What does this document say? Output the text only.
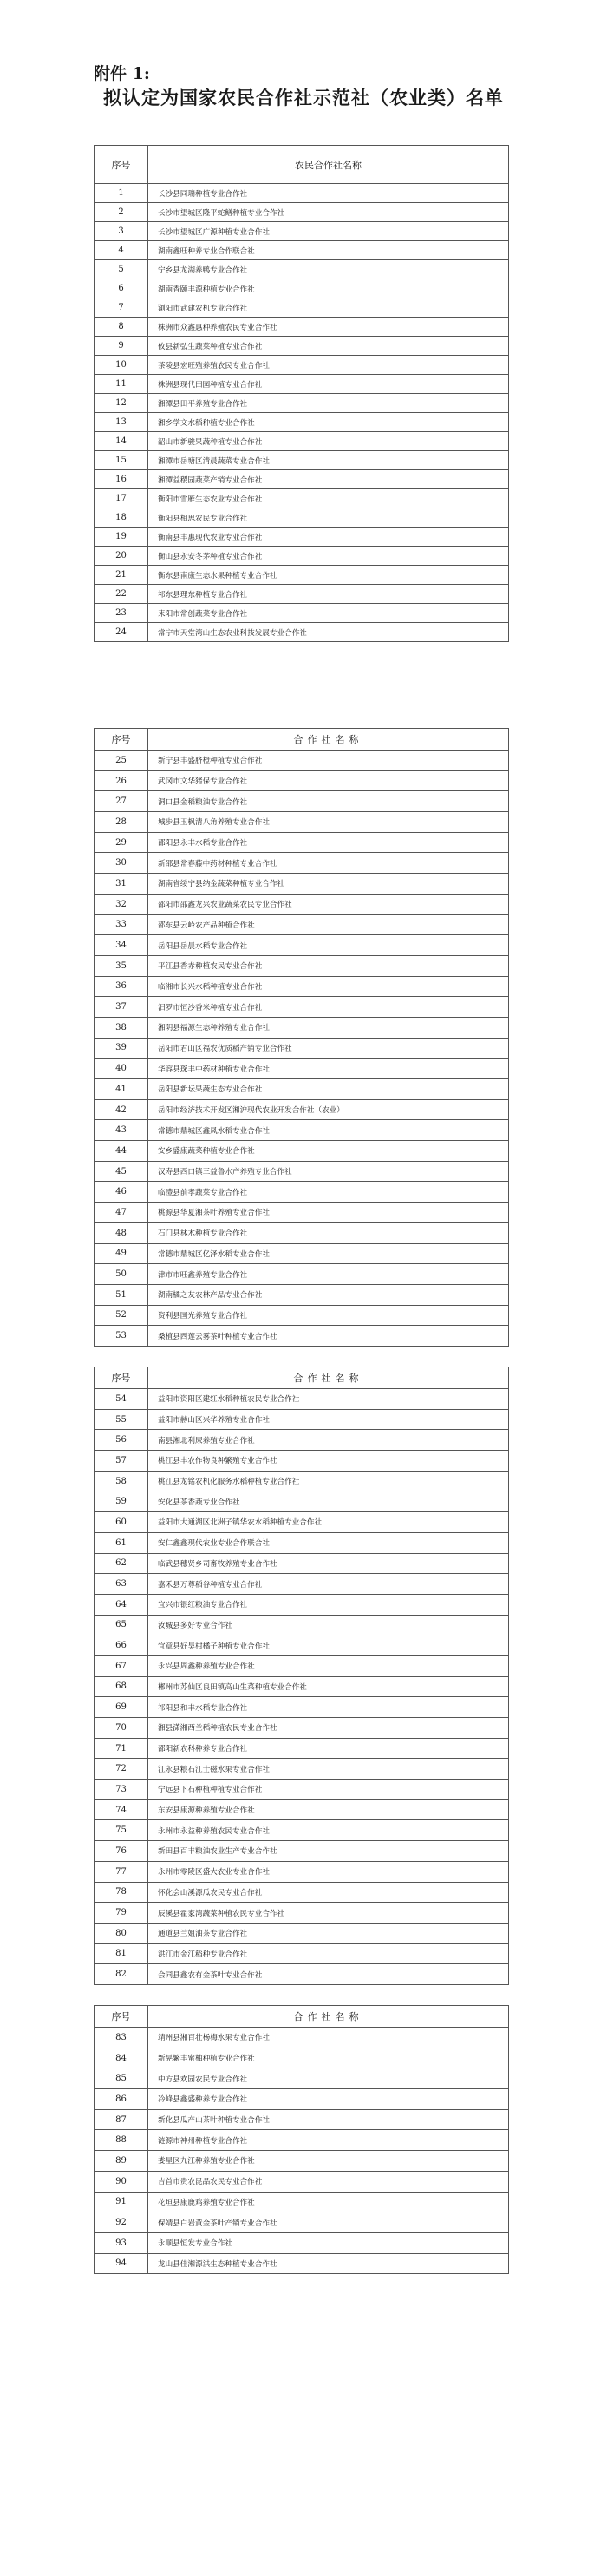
附件 1:

拟认定为国家农民合作社示范社（农业类）名单
序号	农民合作社名称
1	长沙县同瑞种植专业合作社
2	长沙市望城区隆平蛇鳝种植专业合作社
3	长沙市望城区广源种植专业合作社
4	湖南鑫旺种养专业合作联合社
5	宁乡县龙湖养鸭专业合作社
6	湖南香颐丰源种植专业合作社
7	浏阳市武建农机专业合作社
8	株洲市众鑫惠种养殖农民专业合作社
9	攸县新弘生蔬菜种植专业合作社
10	茶陵县宏旺殖养殖农民专业合作社
11	株洲县现代田园种植专业合作社
12	湘潭县田平养殖专业合作社
13	湘乡学文水稻种植专业合作社
14	韶山市新骏果蔬种植专业合作社
15	湘潭市岳塘区清晨蔬菜专业合作社
16	湘潭益稷园蔬菜产销专业合作社
17	衡阳市雪雁生态农业专业合作社
18	衡阳县相思农民专业合作社
19	衡南县丰惠现代农业专业合作社
20	衡山县永安冬茅种植专业合作社
21	衡东县南康生态水果种植专业合作社
22	祁东县理东种植专业合作社
23	耒阳市常创蔬菜专业合作社
24	常宁市天堂湾山生态农业科技发展专业合作社
序号	合作社名称
25	新宁县丰盛脐橙种植专业合作社
26	武冈市文华猪保专业合作社
27	洞口县金稻粮油专业合作社
28	城步县玉枫清八角养殖专业合作社
29	邵阳县永丰水稻专业合作社
30	新邵县常春藤中药材种植专业合作社
31	湖南省绥宁县纳金蔬菜种植专业合作社
32	邵阳市邵鑫龙兴农业蔬菜农民专业合作社
33	邵东县云岭农产品种植合作社
34	岳阳县岳晨水稻专业合作社
35	平江县香赤种植农民专业合作社
36	临湘市长兴水稻种植专业合作社
37	汨罗市恒沙香米种植专业合作社
38	湘阴县福源生态种养殖专业合作社
39	岳阳市君山区福农优质稻产销专业合作社
40	华容县琛丰中药材种植专业合作社
41	岳阳县新坛果蔬生态专业合作社
42	岳阳市经济技术开发区湘沪现代农业开发合作社（农业）
43	常德市鼎城区鑫凤水稻专业合作社
44	安乡盛康蔬菜种植专业合作社
45	汉寿县西口镇三益鲁水产养殖专业合作社
46	临澧县前孝蔬菜专业合作社
47	桃源县华夏湘茶叶养殖专业合作社
48	石门县林木种植专业合作社
49	常德市鼎城区亿泽水稻专业合作社
50	津市市旺鑫养殖专业合作社
51	湖南橘之友农林产品专业合作社
52	资利县国光养殖专业合作社
53	桑植县西莲云雾茶叶种植专业合作社
序号	合作社名称
54	益阳市资阳区建红水稻种植农民专业合作社
55	益阳市赫山区兴华养殖专业合作社
56	南县湘北利尿养殖专业合作社
57	桃江县丰农作物良种繁殖专业合作社
58	桃江县龙铭农机化服务水稻种植专业合作社
59	安化县茶香蔬专业合作社
60	益阳市大通湖区北洲子镇华农水稻种植专业合作社
61	安仁鑫鑫现代农业专业合作联合社
62	临武县穗贤乡司畜牧养殖专业合作社
63	嘉禾县万尊稻谷种植专业合作社
64	宜兴市银红粮油专业合作社
65	汝城县多好专业合作社
66	宜章县好昊柑橘子种植专业合作社
67	永兴县周鑫种养殖专业合作社
68	郴州市苏仙区良田镇高山生菜种植专业合作社
69	祁阳县和丰水稻专业合作社
70	湘县潇湘西兰稻种植农民专业合作社
71	邵阳新农科种养专业合作社
72	江永县粮石江士磁水果专业合作社
73	宁远县下石种植种植专业合作社
74	东安县康源种养殖专业合作社
75	永州市永益种养殖农民专业合作社
76	新田县百丰粮油农业生产专业合作社
77	永州市零陵区盛大农业专业合作社
78	怀化会山溪源瓜农民专业合作社
79	辰溪县霍家湾蔬菜种植农民专业合作社
80	通道县兰姐油茶专业合作社
81	洪江市金江稻种专业合作社
82	会同县鑫农有金茶叶专业合作社
序号	合作社名称
83	靖州县湘百壮杨梅水果专业合作社
84	新晃繁丰蜜柚种植专业合作社
85	中方县欢园农民专业合作社
86	冷峰县鑫盛种养专业合作社
87	新化县瓜产山茶叶种植专业合作社
88	涟源市神州种植专业合作社
89	娄星区九江种养殖专业合作社
90	吉首市贵农昆品农民专业合作社
91	花垣县康鹿鸡养殖专业合作社
92	保靖县白岩黄金茶叶产销专业合作社
93	永顺县恒发专业合作社
94	龙山县佳湘源洪生态种植专业合作社
